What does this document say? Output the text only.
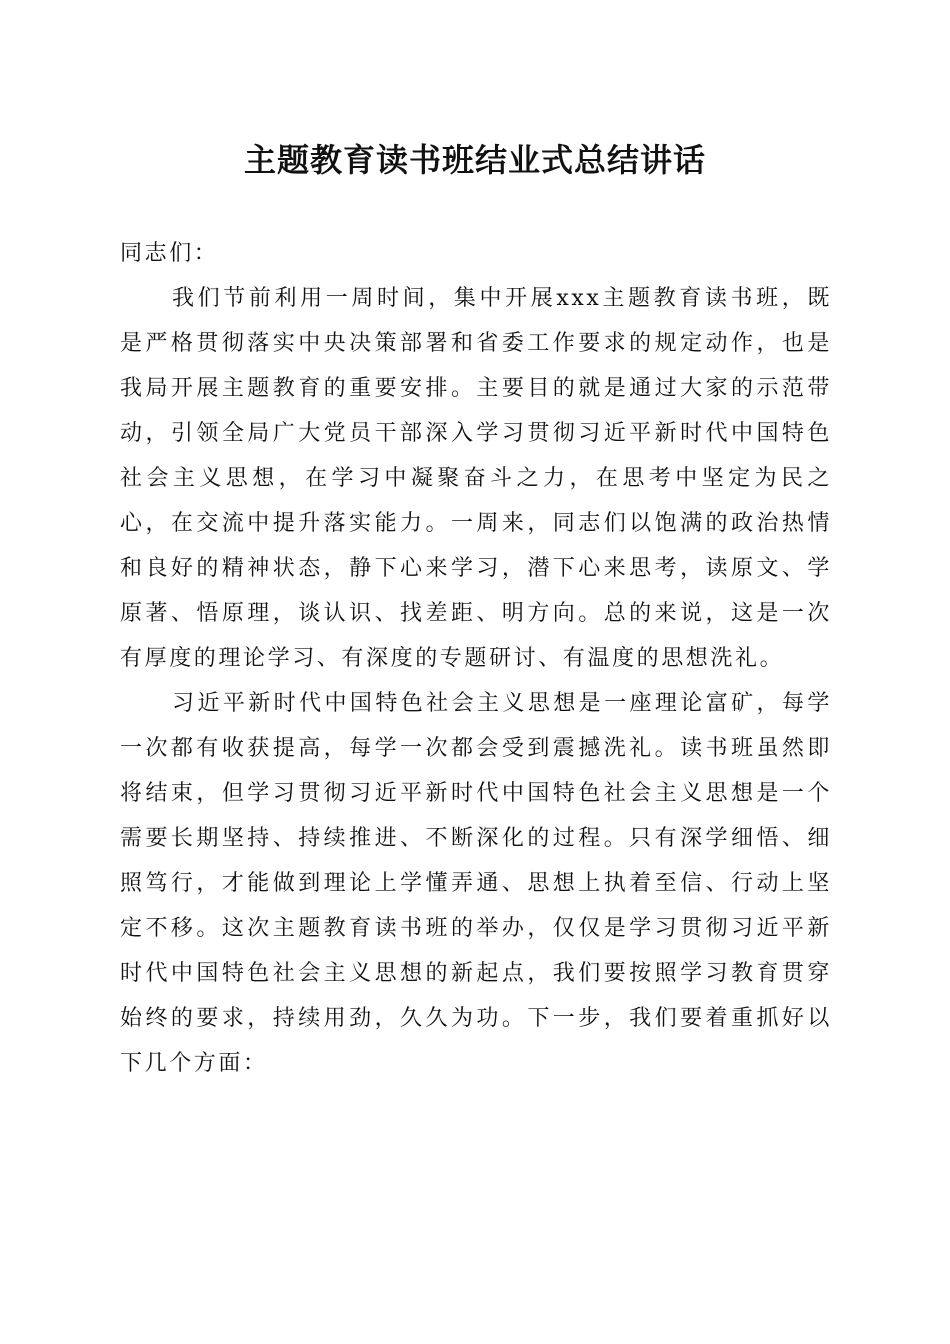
主题教育读书班结业式总结讲话

同志们：

我们节前利用一周时间，集中开展xxx主题教育读书班，既是严格贯彻落实中央决策部署和省委工作要求的规定动作，也是我局开展主题教育的重要安排。主要目的就是通过大家的示范带动，引领全局广大党员干部深入学习贯彻习近平新时代中国特色社会主义思想，在学习中凝聚奋斗之力，在思考中坚定为民之心，在交流中提升落实能力。一周来，同志们以饱满的政治热情和良好的精神状态，静下心来学习，潜下心来思考，读原文、学原著、悟原理，谈认识、找差距、明方向。总的来说，这是一次有厚度的理论学习、有深度的专题研讨、有温度的思想洗礼。

习近平新时代中国特色社会主义思想是一座理论富矿，每学一次都有收获提高，每学一次都会受到震撼洗礼。读书班虽然即将结束，但学习贯彻习近平新时代中国特色社会主义思想是一个需要长期坚持、持续推进、不断深化的过程。只有深学细悟、细照笃行，才能做到理论上学懂弄通、思想上执着至信、行动上坚定不移。这次主题教育读书班的举办，仅仅是学习贯彻习近平新时代中国特色社会主义思想的新起点，我们要按照学习教育贯穿始终的要求，持续用劲，久久为功。下一步，我们要着重抓好以下几个方面：
